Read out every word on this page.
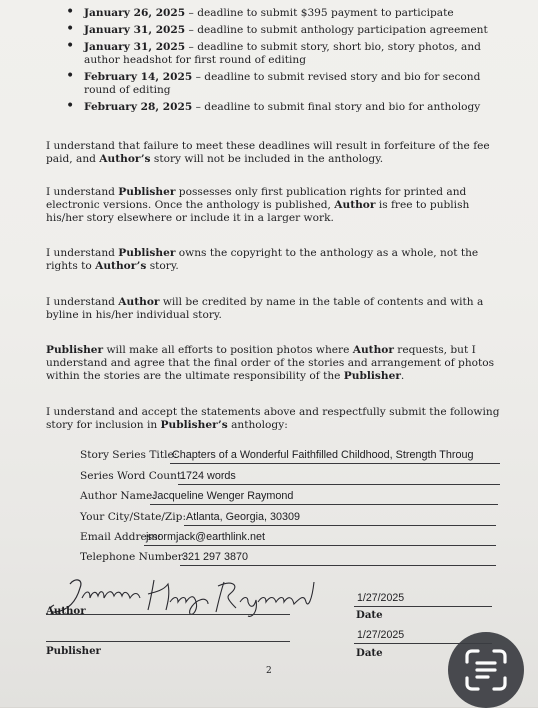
• January 26, 2025 – deadline to submit $395 payment to participate
• January 31, 2025 – deadline to submit anthology participation agreement
• January 31, 2025 – deadline to submit story, short bio, story photos, and author headshot for first round of editing
• February 14, 2025 – deadline to submit revised story and bio for second round of editing
• February 28, 2025 – deadline to submit final story and bio for anthology

I understand that failure to meet these deadlines will result in forfeiture of the fee paid, and Author’s story will not be included in the anthology.

I understand Publisher possesses only first publication rights for printed and electronic versions. Once the anthology is published, Author is free to publish his/her story elsewhere or include it in a larger work.

I understand Publisher owns the copyright to the anthology as a whole, not the rights to Author’s story.

I understand Author will be credited by name in the table of contents and with a byline in his/her individual story.

Publisher will make all efforts to position photos where Author requests, but I understand and agree that the final order of the stories and arrangement of photos within the stories are the ultimate responsibility of the Publisher.

I understand and accept the statements above and respectfully submit the following story for inclusion in Publisher’s anthology:

Story Series Title:
Chapters of a Wonderful Faithfilled Childhood, Strength Throug
Series Word Count:
1724 words
Author Name:
Jacqueline Wenger Raymond
Your City/State/Zip: Atlanta, Georgia, 30309
Email Address:
jmormjack@earthlink.net
Telephone Number:
321 297 3870
Author
1/27/2025
Date
Publisher
1/27/2025
Date
2
